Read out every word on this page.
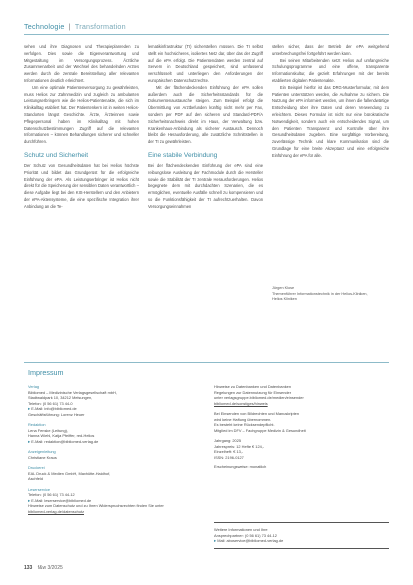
Technologie | Transformation

sehen und ihre Diagnosen und Therapieplanreden zu verfolgen. Dies sowie die Eigenverantwortung und Mitgestaltung im Versorgungsprozess. Ärztliche Zusammenarbeit und der Wechsel des behandelnden Arztes werden durch die zentrale Bereitstellung aller relevanten Informationen deutlich erleichtert.

Um eine optimale Patientenversorgung zu gewährleisten, muss Helios zur Zahnmedizin und zugleich zu ambulanten Leistungserbringern wie die Helios-Patientenakte, die sich im Klinikalltag etabliert hat. Der Patientenkern ist in weiten Helios-Standorten längst Geschichte. Ärzte, Ärzteinnen sowie Pflegepersonal haben im Klinikalltag mit hohen Datenschutzbestimmungen Zugriff auf die relevanten Informationen – können Behandlungen sicherer und schneller durchführen.

Schutz und Sicherheit

Der Schutz von Gesundheitsdaten hat bei Helios höchste Priorität und bildet das Grundgerüst für die erfolgreiche Einführung der ePA. Als Leistungserbringer ist Helios nicht direkt für die Speicherung der sensiblen Daten verantwortlich – diese Aufgabe liegt bei den KIS-Herstellern und den Anbietern der ePA-Aktensysteme, die eine spezifische Integration ihrer Anbindung an die Te-

lematikinfrastruktur (TI) sicherstellen müssen. Die TI selbst stellt ein hochsicheres, isoliertes Netz dar, über das der Zugriff auf die ePA erfolgt. Die Patientendaten werden zentral auf Servern in Deutschland gespeichert, sind umfassend verschlüsselt und unterliegen den Anforderungen der europäischen Datenschutzrechte.

Mit der flächendeckenden Einführung der ePA sollen außerdem auch die Sicherheitsstandards für die Dokumentenaustausche steigen. Zum Beispiel erfolgt die Übermittlung von Arztbefunden künftig nicht mehr per Fax, sondern per PDF auf den sicheren und Standard-PDF/A Sicherheitsnachweis direkt im Haus, der Verwaltung bzw. Krankenhaus-Anbindung als sicherer Austausch. Dennoch bleibt die Herausforderung, alle zusätzliche Schnittstellen in der TI zu gewährleisten.

Eine stabile Verbindung

Bei der flächendeckenden Einführung der ePA sind eine reibungslose Ausleitung der Fachmodule durch die Hersteller sowie die Stabilität der TI zentrale Herausforderungen. Helios begegnete dem mit durchdachten Szenarien, die es ermöglichen, eventuelle Ausfälle schnell zu kompensieren und so die Funktionsfähigkeit der TI aufrechtzuerhalten. Davon Versorgungseinnahmen

stellen sicher, dass der Betrieb der ePA weitgehend unterbrechungsfrei fortgeführt werden kann.

Bei seinen Mitarbeitenden setzt Helios auf umfangreiche Schulungsprogramme und eine offene, transparente Informationskultur, die gezielt Erfahrungen mit der bereits etablierten digitalen Patientenakte.

Ein Beispiel hierfür ist das DRG-Musterformular, mit dem Patienten unterstützen werden, die Aufnahme zu sichern. Die Nutzung der ePA informiert werden, um ihnen die fallendwärtige Entscheidung über ihre Daten und deren Verwendung zu erleichtern. Dieses Formular ist nicht nur eine bürokratische Notwendigkeit, sondern auch ein entscheidendes Signal, um den Patienten Transparenz und Kontrolle über ihre Gesundheitsdaten zugeben. Eine sorgfältige Vorbereitung, zuverlässige Technik und klare Kommunikation sind die Grundlage für eine breite Akzeptanz und eine erfolgreiche Einführung der ePA für alle.

Jürgen Klose
Themenführer Informationstechnik in der Helios-Kliniken,
Helios Kliniken
Impressum
Verlag
Bibliomed – Medizinische Verlagsgesellschaft mbH,
Stadtwaldpark 10, 34212 Melsungen,
Telefon: (0 56 61) 73 44-0
▸E-Mail: info@bibliomed.de
Geschäftsführung: Lorenz Heuer
Redaktion
Lena Fenske (Leitung),
Hanna Wiehl, Katja Pfeiffer, red-Helios
▸E-Mail: redaktion@bibliomed-verlag.de
Anzeigenleitung
Christiane Kraus
Druckerei
EAL Druck & Medien GmbH, Maxhütte-Haidhof,
Aschfeld
Leserservice
Telefon: (0 56 61) 73 44-12
▸E-Mail: leserservice@bibliomed.de
Hinweise zum Datenschutz und zu Ihren Widerspruchsrechten finden Sie unter
bibliomed-verlag.de/datenschutz
Hinweise zu Datenbanken und Datenbanken
Regelungen zur Datennutzung für Einsender
unter verlagsgruppe.bibliomed.de/medien/einsender
bibliomed.de/sonstiges/hinweis
Bei Einsenden von Bildrechten und Manuskripten
wird keine Haftung übernommen.
Es besteht keine Rücksendepflicht.
Mitglied im DFV – Fachgruppe Medizin & Gesundheit
Jahrgang: 2025
Jahrespreis: 12 Hefte € 124,-
Einzelheft: € 13,-
ISSN: 2196-0127
Erscheinungsweise: monatlich
Weitere Informationen und Ihre
Ansprechpartner: (0 56 61) 73 44-12
▸Mail: aboservice@bibliomed-verlag.de
133 f&w 3/2025
